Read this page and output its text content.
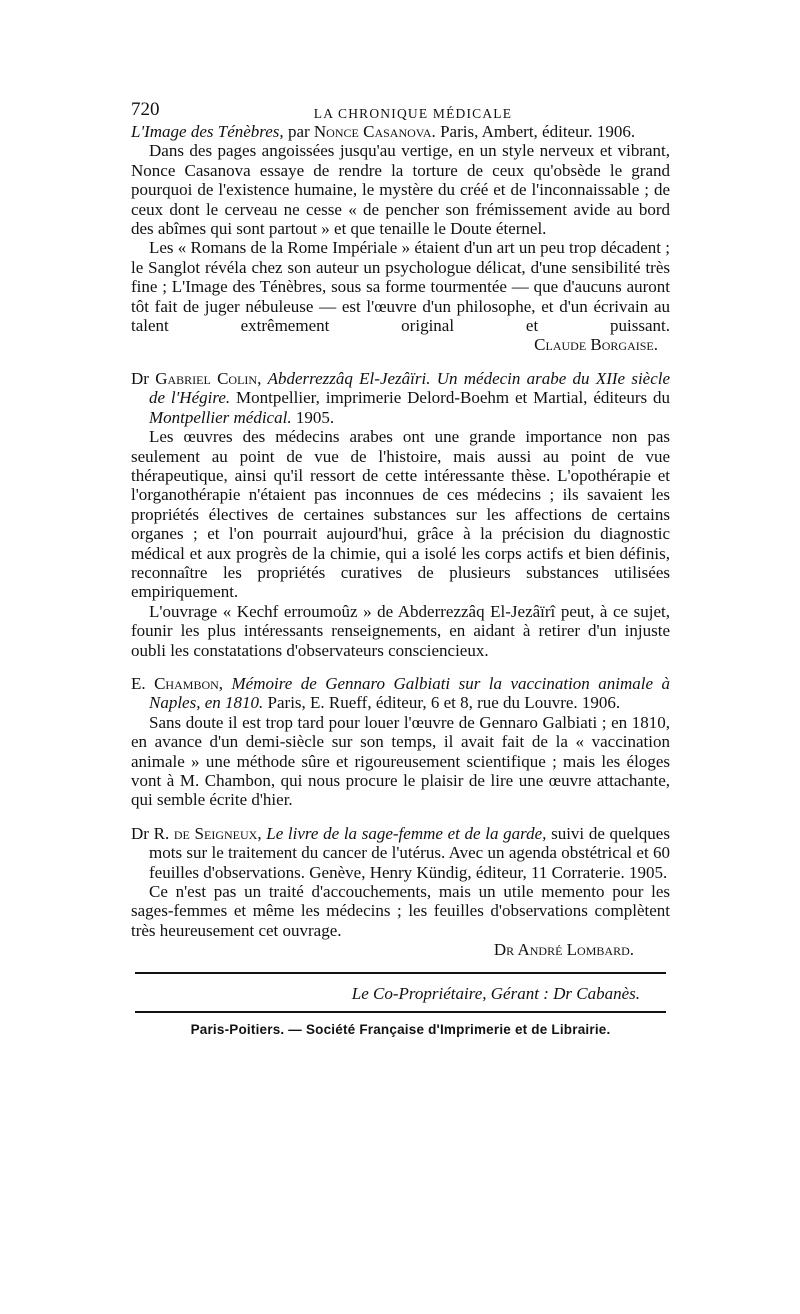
720	LA CHRONIQUE MÉDICALE
L'Image des Ténèbres, par Nonce Casanova. Paris, Ambert, éditeur. 1906.

Dans des pages angoissées jusqu'au vertige, en un style nerveux et vibrant, Nonce Casanova essaye de rendre la torture de ceux qu'obsède le grand pourquoi de l'existence humaine, le mystère du créé et de l'inconnaissable ; de ceux dont le cerveau ne cesse « de pencher son frémissement avide au bord des abîmes qui sont partout » et que tenaille le Doute éternel.

Les « Romans de la Rome Impériale » étaient d'un art un peu trop décadent ; le Sanglot révéla chez son auteur un psychologue délicat, d'une sensibilité très fine ; L'Image des Ténèbres, sous sa forme tourmentée — que d'aucuns auront tôt fait de juger nébuleuse — est l'œuvre d'un philosophe, et d'un écrivain au talent extrêmement original et puissant.

Claude Borgaise.
Dr Gabriel Colin, Abderrezzâq El-Jezâïri. Un médecin arabe du XIIe siècle de l'Hégire. Montpellier, imprimerie Delord-Boehm et Martial, éditeurs du Montpellier médical. 1905.

Les œuvres des médecins arabes ont une grande importance non pas seulement au point de vue de l'histoire, mais aussi au point de vue thérapeutique, ainsi qu'il ressort de cette intéressante thèse. L'opothérapie et l'organothérapie n'étaient pas inconnues de ces médecins ; ils savaient les propriétés électives de certaines substances sur les affections de certains organes ; et l'on pourrait aujourd'hui, grâce à la précision du diagnostic médical et aux progrès de la chimie, qui a isolé les corps actifs et bien définis, reconnaître les propriétés curatives de plusieurs substances utilisées empiriquement.

L'ouvrage « Kechf erroumoûz » de Abderrezzâq El-Jezâïrî peut, à ce sujet, founir les plus intéressants renseignements, en aidant à retirer d'un injuste oubli les constatations d'observateurs consciencieux.

E. Chambon, Mémoire de Gennaro Galbiati sur la vaccination animale à Naples, en 1810. Paris, E. Rueff, éditeur, 6 et 8, rue du Louvre. 1906.

Sans doute il est trop tard pour louer l'œuvre de Gennaro Galbiati ; en 1810, en avance d'un demi-siècle sur son temps, il avait fait de la « vaccination animale » une méthode sûre et rigoureusement scientifique ; mais les éloges vont à M. Chambon, qui nous procure le plaisir de lire une œuvre attachante, qui semble écrite d'hier.

Dr R. de Seigneux, Le livre de la sage-femme et de la garde, suivi de quelques mots sur le traitement du cancer de l'utérus. Avec un agenda obstétrical et 60 feuilles d'observations. Genève, Henry Kündig, éditeur, 11 Corraterie. 1905.

Ce n'est pas un traité d'accouchements, mais un utile memento pour les sages-femmes et même les médecins ; les feuilles d'observations complètent très heureusement cet ouvrage.

Dr André Lombard.
Le Co-Propriétaire, Gérant : Dr Cabanès.
Paris-Poitiers. — Société Française d'Imprimerie et de Librairie.
